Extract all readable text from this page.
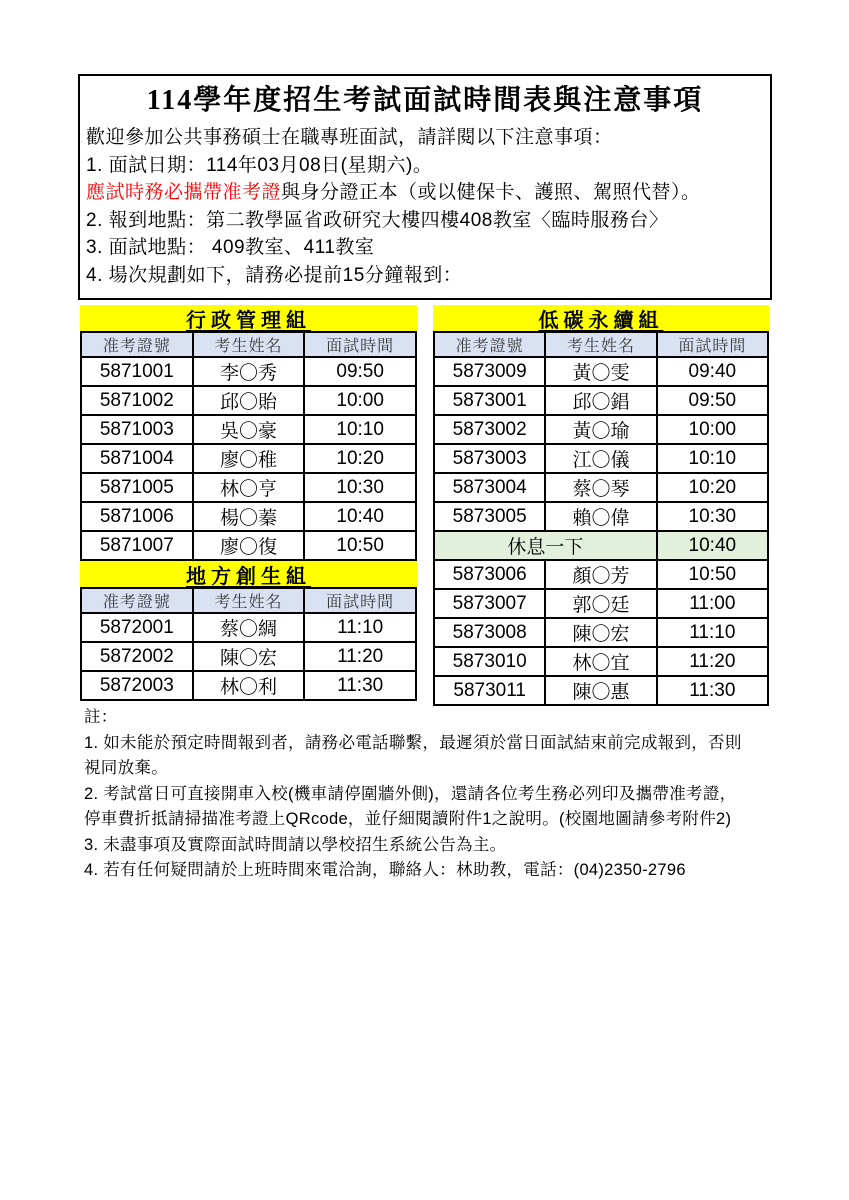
114學年度招生考試面試時間表與注意事項
歡迎參加公共事務碩士在職專班面試，請詳閱以下注意事項：
1. 面試日期：114年03月08日(星期六)。
應試時務必攜帶准考證與身分證正本（或以健保卡、護照、駕照代替）。
2. 報到地點：第二教學區省政研究大樓四樓408教室〈臨時服務台〉
3. 面試地點： 409教室、411教室
4. 場次規劃如下，請務必提前15分鐘報到：
行政管理組
准考證號	考生姓名	面試時間
5871001	李〇秀	09:50
5871002	邱〇貽	10:00
5871003	吳〇豪	10:10
5871004	廖〇稚	10:20
5871005	林〇亨	10:30
5871006	楊〇蓁	10:40
5871007	廖〇復	10:50
地方創生組
准考證號	考生姓名	面試時間
5872001	蔡〇綢	11:10
5872002	陳〇宏	11:20
5872003	林〇利	11:30
低碳永續組
准考證號	考生姓名	面試時間
5873009	黃〇雯	09:40
5873001	邱〇錩	09:50
5873002	黃〇瑜	10:00
5873003	江〇儀	10:10
5873004	蔡〇琴	10:20
5873005	賴〇偉	10:30
休息一下		10:40
5873006	顏〇芳	10:50
5873007	郭〇廷	11:00
5873008	陳〇宏	11:10
5873010	林〇宜	11:20
5873011	陳〇惠	11:30
註：
1. 如未能於預定時間報到者，請務必電話聯繫，最遲須於當日面試結束前完成報到，否則視同放棄。
2. 考試當日可直接開車入校(機車請停圍牆外側)，還請各位考生務必列印及攜帶准考證，停車費折抵請掃描准考證上QRcode，並仔細閱讀附件1之說明。(校園地圖請參考附件2)
3. 未盡事項及實際面試時間請以學校招生系統公告為主。
4. 若有任何疑問請於上班時間來電洽詢，聯絡人：林助教，電話：(04)2350-2796
